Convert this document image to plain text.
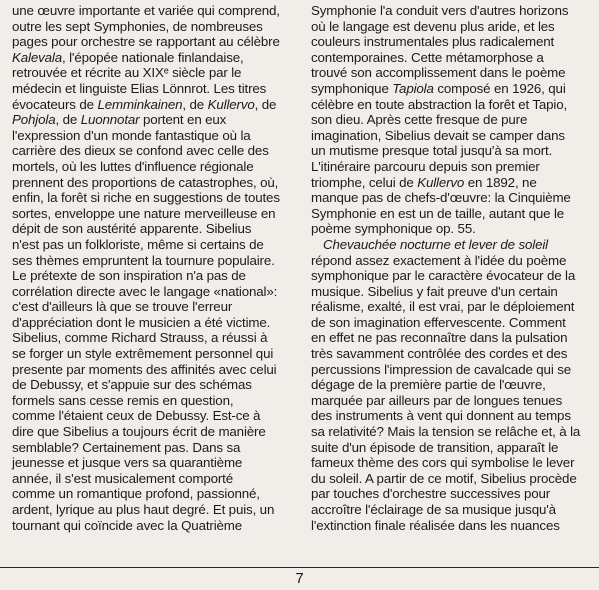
une œuvre importante et variée qui comprend,
outre les sept Symphonies, de nombreuses
pages pour orchestre se rapportant au célèbre
Kalevala, l'épopée nationale finlandaise,
retrouvée et récrite au XIXᵉ siècle par le
médecin et linguiste Elias Lönnrot. Les titres
évocateurs de Lemminkainen, de Kullervo, de
Pohjola, de Luonnotar portent en eux
l'expression d'un monde fantastique où la
carrière des dieux se confond avec celle des
mortels, où les luttes d'influence régionale
prennent des proportions de catastrophes, où,
enfin, la forêt si riche en suggestions de toutes
sortes, enveloppe une nature merveilleuse en
dépit de son austérité apparente. Sibelius
n'est pas un folkloriste, même si certains de
ses thèmes empruntent la tournure populaire.
Le prétexte de son inspiration n'a pas de
corrélation directe avec le langage «national»:
c'est d'ailleurs là que se trouve l'erreur
d'appréciation dont le musicien a été victime.
Sibelius, comme Richard Strauss, a réussi à
se forger un style extrêmement personnel qui
presente par moments des affinités avec celui
de Debussy, et s'appuie sur des schémas
formels sans cesse remis en question,
comme l'étaient ceux de Debussy. Est-ce à
dire que Sibelius a toujours écrit de manière
semblable? Certainement pas. Dans sa
jeunesse et jusque vers sa quarantième
année, il s'est musicalement comporté
comme un romantique profond, passionné,
ardent, lyrique au plus haut degré. Et puis, un
tournant qui coïncide avec la Quatrième
Symphonie l'a conduit vers d'autres horizons
où le langage est devenu plus aride, et les
couleurs instrumentales plus radicalement
contemporaines. Cette métamorphose a
trouvé son accomplissement dans le poème
symphonique Tapiola composé en 1926, qui
célèbre en toute abstraction la forêt et Tapio,
son dieu. Après cette fresque de pure
imagination, Sibelius devait se camper dans
un mutisme presque total jusqu'à sa mort.
L'itinéraire parcouru depuis son premier
triomphe, celui de Kullervo en 1892, ne
manque pas de chefs-d'œuvre: la Cinquième
Symphonie en est un de taille, autant que le
poème symphonique op. 55.
Chevauchée nocturne et lever de soleil
répond assez exactement à l'idée du poème
symphonique par le caractère évocateur de la
musique. Sibelius y fait preuve d'un certain
réalisme, exalté, il est vrai, par le déploiement
de son imagination effervescente. Comment
en effet ne pas reconnaître dans la pulsation
très savamment contrôlée des cordes et des
percussions l'impression de cavalcade qui se
dégage de la première partie de l'œuvre,
marquée par ailleurs par de longues tenues
des instruments à vent qui donnent au temps
sa relativité? Mais la tension se relâche et, à la
suite d'un épisode de transition, apparaît le
fameux thème des cors qui symbolise le lever
du soleil. A partir de ce motif, Sibelius procède
par touches d'orchestre successives pour
accroître l'éclairage de sa musique jusqu'à
l'extinction finale réalisée dans les nuances
7
